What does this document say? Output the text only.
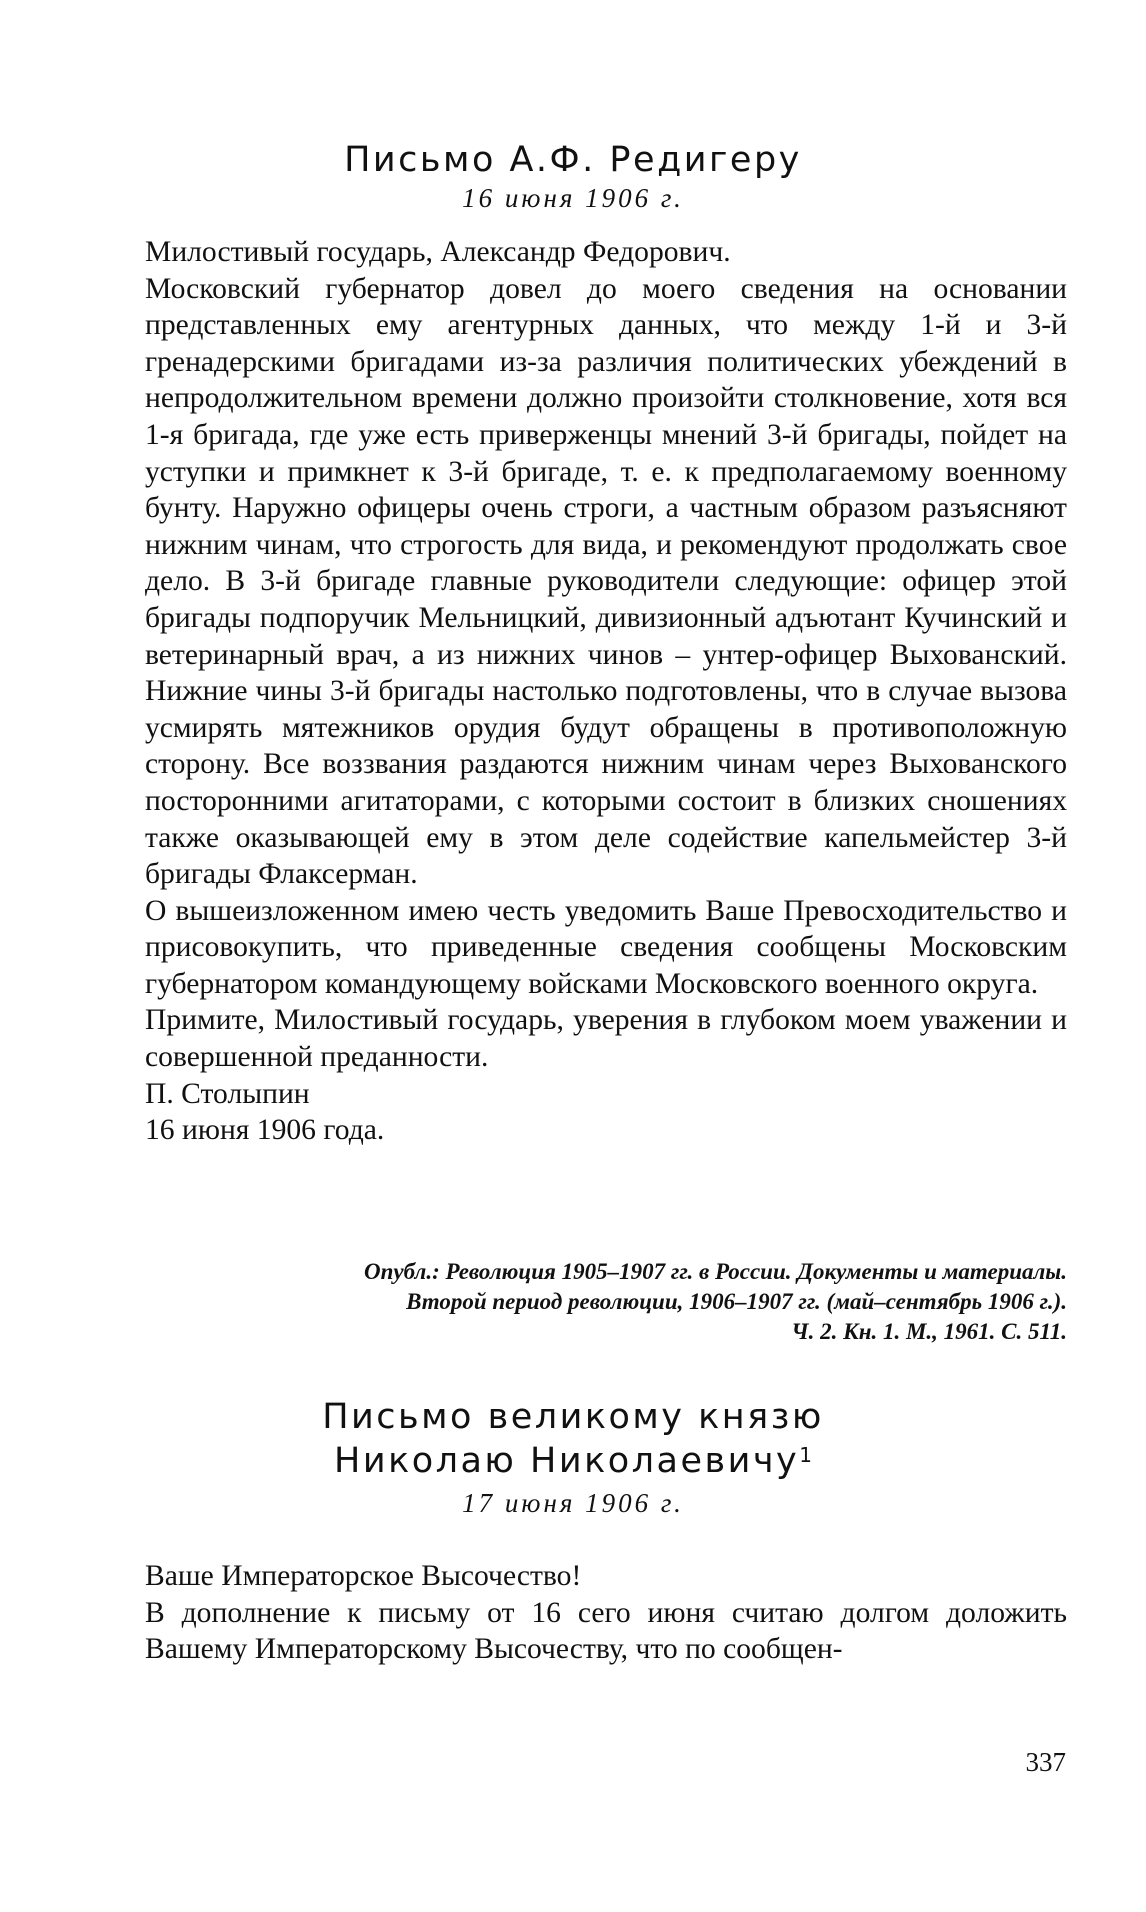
Письмо А.Ф. Редигеру
16 июня 1906 г.

Милостивый государь, Александр Федорович.

Московский губернатор довел до моего сведения на основании представленных ему агентурных данных, что между 1-й и 3-й гренадерскими бригадами из-за различия политических убеждений в непродолжительном времени должно произойти столкновение, хотя вся 1-я бригада, где уже есть приверженцы мнений 3-й бригады, пойдет на уступки и примкнет к 3-й бригаде, т. е. к предполагаемому военному бунту. Наружно офицеры очень строги, а частным образом разъясняют нижним чинам, что строгость для вида, и рекомендуют продолжать свое дело. В 3-й бригаде главные руководители следующие: офицер этой бригады подпоручик Мельницкий, дивизионный адъютант Кучинский и ветеринарный врач, а из нижних чинов – унтер-офицер Выхованский. Нижние чины 3-й бригады настолько подготовлены, что в случае вызова усмирять мятежников орудия будут обращены в противоположную сторону. Все воззвания раздаются нижним чинам через Выхованского посторонними агитаторами, с которыми состоит в близких сношениях также оказывающей ему в этом деле содействие капельмейстер 3-й бригады Флаксерман.

О вышеизложенном имею честь уведомить Ваше Превосходительство и присовокупить, что приведенные сведения сообщены Московским губернатором командующему войсками Московского военного округа.

Примите, Милостивый государь, уверения в глубоком моем уважении и совершенной преданности.

П. Столыпин

16 июня 1906 года.

Опубл.: Революция 1905–1907 гг. в России. Документы и материалы.
Второй период революции, 1906–1907 гг. (май–сентябрь 1906 г.).
Ч. 2. Кн. 1. М., 1961. С. 511.
Письмо великому князю
Николаю Николаевичу$^1$
17 июня 1906 г.

Ваше Императорское Высочество!

В дополнение к письму от 16 сего июня считаю долгом доложить Вашему Императорскому Высочеству, что по сообщен-

337
